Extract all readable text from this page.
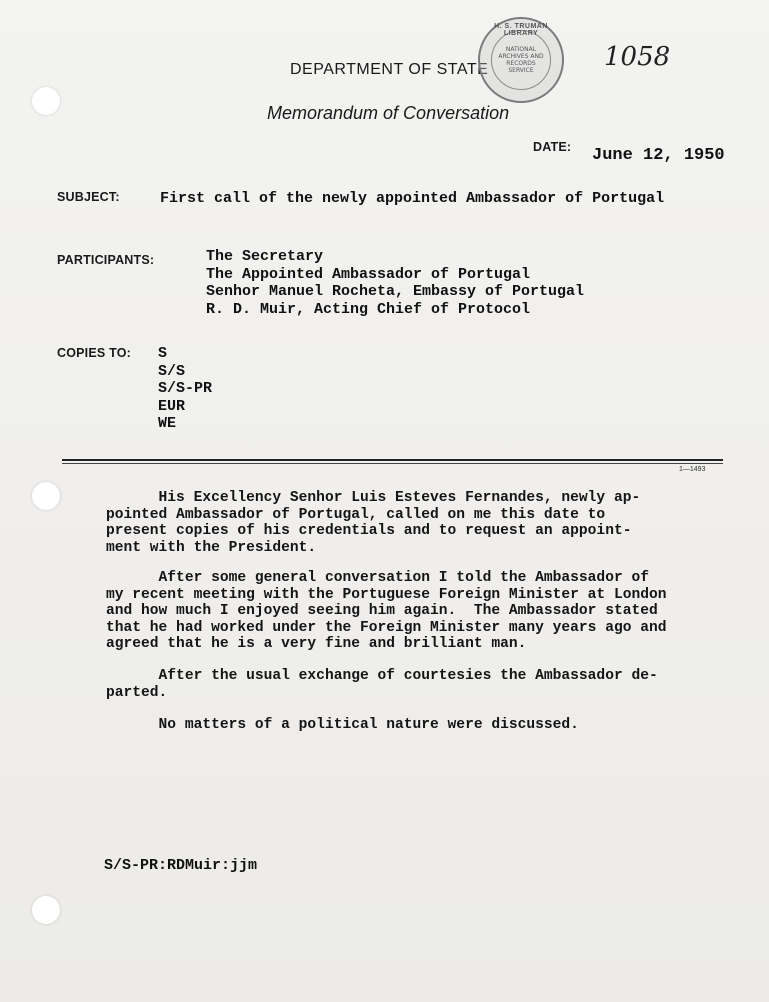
DEPARTMENT OF STATE
Memorandum of Conversation
H. S. TRUMAN LIBRARY
NATIONAL
ARCHIVES AND
RECORDS
SERVICE	1058
DATE: June 12, 1950
SUBJECT:	First call of the newly appointed Ambassador of Portugal
PARTICIPANTS:	The Secretary
The Appointed Ambassador of Portugal
Senhor Manuel Rocheta, Embassy of Portugal
R. D. Muir, Acting Chief of Protocol
COPIES TO: S
S/S
S/S-PR
EUR
WE
1—1493

His Excellency Senhor Luis Esteves Fernandes, newly ap-
pointed Ambassador of Portugal, called on me this date to
present copies of his credentials and to request an appoint-
ment with the President.

After some general conversation I told the Ambassador of
my recent meeting with the Portuguese Foreign Minister at London
and how much I enjoyed seeing him again.  The Ambassador stated
that he had worked under the Foreign Minister many years ago and
agreed that he is a very fine and brilliant man.

After the usual exchange of courtesies the Ambassador de-
parted.

No matters of a political nature were discussed.

S/S-PR:RDMuir:jjm
